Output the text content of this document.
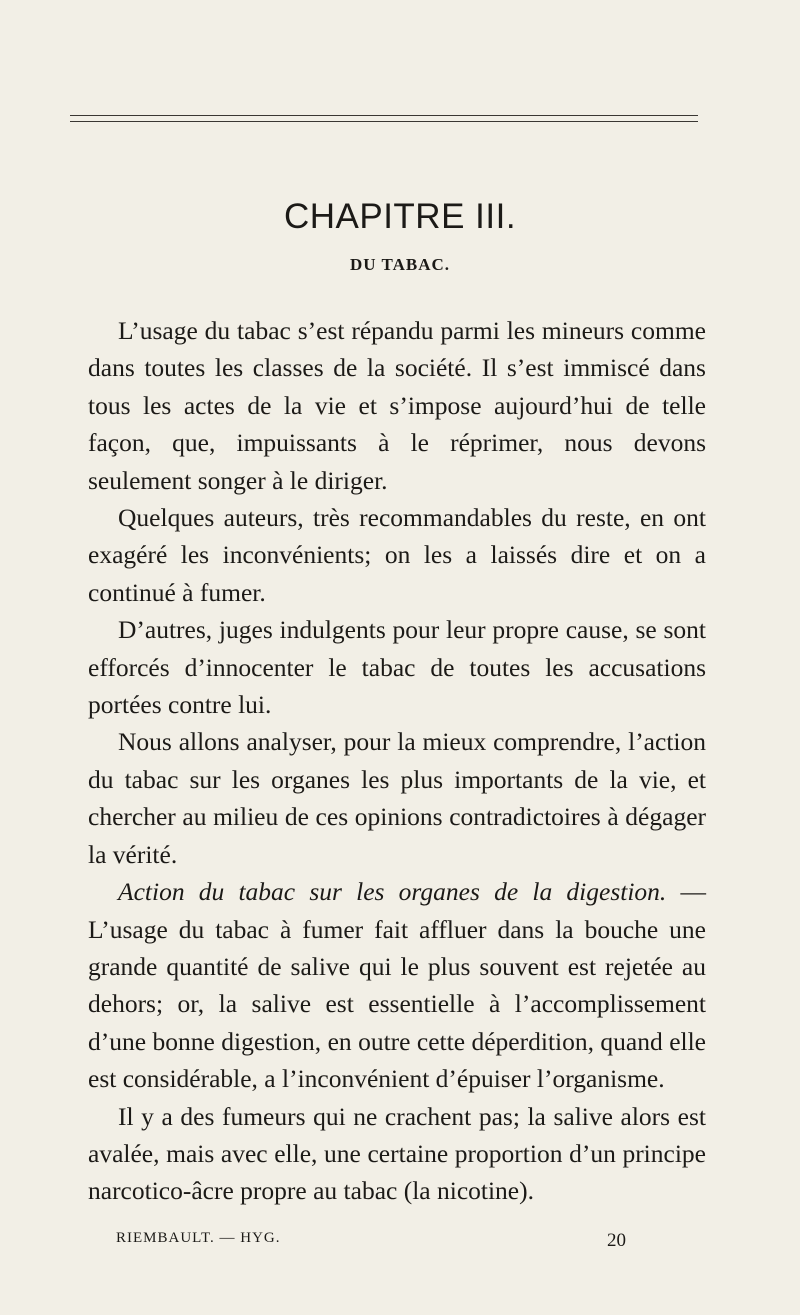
CHAPITRE III.
DU TABAC.

L’usage du tabac s’est répandu parmi les mineurs comme dans toutes les classes de la société. Il s’est immiscé dans tous les actes de la vie et s’impose aujourd’hui de telle façon, que, impuissants à le réprimer, nous devons seulement songer à le diriger.

Quelques auteurs, très recommandables du reste, en ont exagéré les inconvénients; on les a laissés dire et on a continué à fumer.

D’autres, juges indulgents pour leur propre cause, se sont efforcés d’innocenter le tabac de toutes les accusations portées contre lui.

Nous allons analyser, pour la mieux comprendre, l’action du tabac sur les organes les plus importants de la vie, et chercher au milieu de ces opinions contradictoires à dégager la vérité.

Action du tabac sur les organes de la digestion. — L’usage du tabac à fumer fait affluer dans la bouche une grande quantité de salive qui le plus souvent est rejetée au dehors; or, la salive est essentielle à l’accomplissement d’une bonne digestion, en outre cette déperdition, quand elle est considérable, a l’inconvénient d’épuiser l’organisme.

Il y a des fumeurs qui ne crachent pas; la salive alors est avalée, mais avec elle, une certaine proportion d’un principe narcotico-âcre propre au tabac (la nicotine).

RIEMBAULT. — HYG.	20
